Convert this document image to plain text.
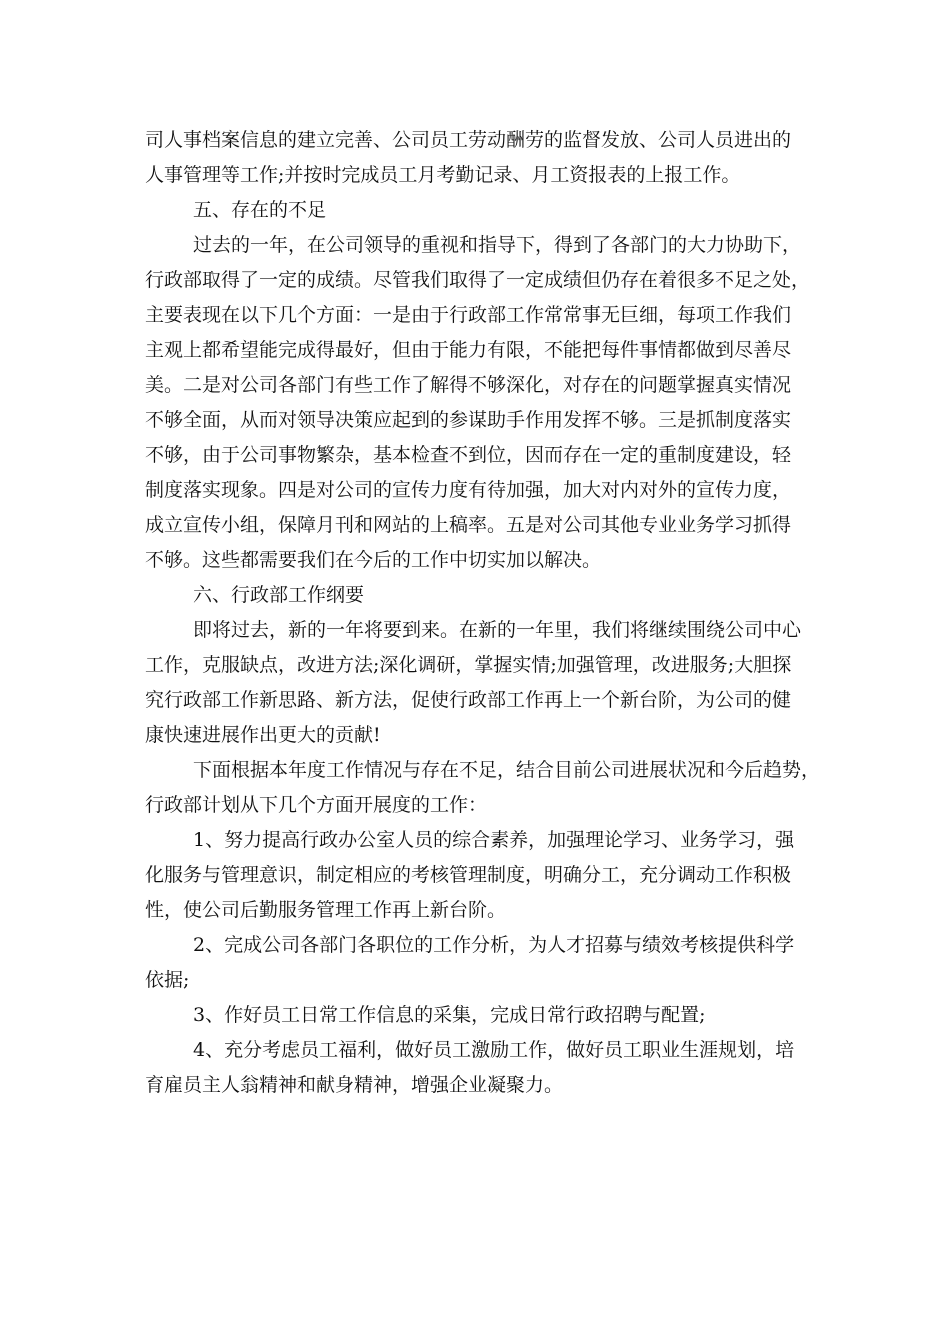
司人事档案信息的建立完善、公司员工劳动酬劳的监督发放、公司人员进出的

人事管理等工作;并按时完成员工月考勤记录、月工资报表的上报工作。

五、存在的不足

过去的一年，在公司领导的重视和指导下，得到了各部门的大力协助下，

行政部取得了一定的成绩。尽管我们取得了一定成绩但仍存在着很多不足之处，

主要表现在以下几个方面：一是由于行政部工作常常事无巨细，每项工作我们

主观上都希望能完成得最好，但由于能力有限，不能把每件事情都做到尽善尽

美。二是对公司各部门有些工作了解得不够深化，对存在的问题掌握真实情况

不够全面，从而对领导决策应起到的参谋助手作用发挥不够。三是抓制度落实

不够，由于公司事物繁杂，基本检查不到位，因而存在一定的重制度建设，轻

制度落实现象。四是对公司的宣传力度有待加强，加大对内对外的宣传力度，

成立宣传小组，保障月刊和网站的上稿率。五是对公司其他专业业务学习抓得

不够。这些都需要我们在今后的工作中切实加以解决。

六、行政部工作纲要

即将过去，新的一年将要到来。在新的一年里，我们将继续围绕公司中心

工作，克服缺点，改进方法;深化调研，掌握实情;加强管理，改进服务;大胆探

究行政部工作新思路、新方法，促使行政部工作再上一个新台阶，为公司的健

康快速进展作出更大的贡献!

下面根据本年度工作情况与存在不足，结合目前公司进展状况和今后趋势，

行政部计划从下几个方面开展度的工作：

1、努力提高行政办公室人员的综合素养，加强理论学习、业务学习，强

化服务与管理意识，制定相应的考核管理制度，明确分工，充分调动工作积极

性，使公司后勤服务管理工作再上新台阶。

2、完成公司各部门各职位的工作分析，为人才招募与绩效考核提供科学

依据;

3、作好员工日常工作信息的采集，完成日常行政招聘与配置;

4、充分考虑员工福利，做好员工激励工作，做好员工职业生涯规划，培

育雇员主人翁精神和献身精神，增强企业凝聚力。
